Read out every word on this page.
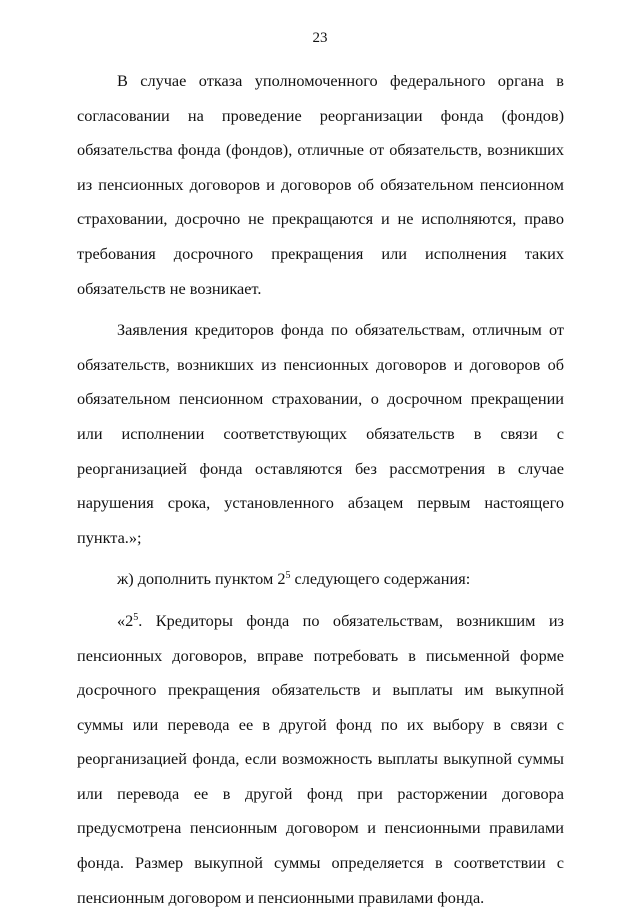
23

В случае отказа уполномоченного федерального органа в согласовании на проведение реорганизации фонда (фондов) обязательства фонда (фондов), отличные от обязательств, возникших из пенсионных договоров и договоров об обязательном пенсионном страховании, досрочно не прекращаются и не исполняются, право требования досрочного прекращения или исполнения таких обязательств не возникает.

Заявления кредиторов фонда по обязательствам, отличным от обязательств, возникших из пенсионных договоров и договоров об обязательном пенсионном страховании, о досрочном прекращении или исполнении соответствующих обязательств в связи с реорганизацией фонда оставляются без рассмотрения в случае нарушения срока, установленного абзацем первым настоящего пункта.»;

ж) дополнить пунктом $2^5$ следующего содержания:

«$2^5$. Кредиторы фонда по обязательствам, возникшим из пенсионных договоров, вправе потребовать в письменной форме досрочного прекращения обязательств и выплаты им выкупной суммы или перевода ее в другой фонд по их выбору в связи с реорганизацией фонда, если возможность выплаты выкупной суммы или перевода ее в другой фонд при расторжении договора предусмотрена пенсионным договором и пенсионными правилами фонда. Размер выкупной суммы определяется в соответствии с пенсионным договором и пенсионными правилами фонда.
